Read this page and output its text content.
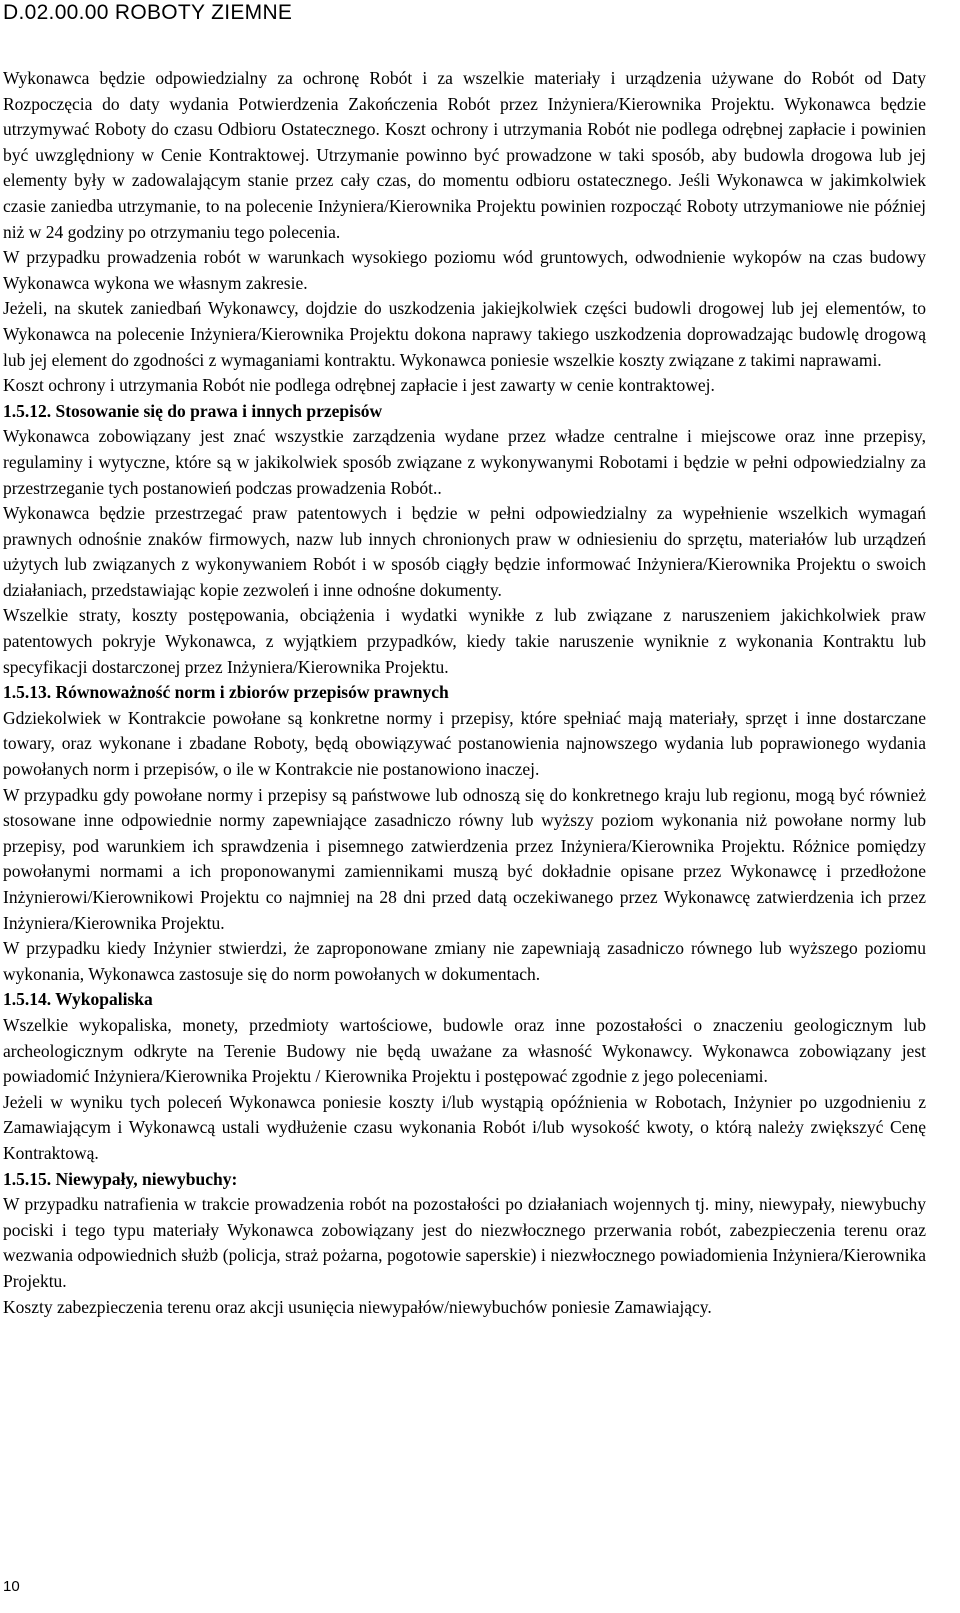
D.02.00.00 ROBOTY ZIEMNE

Wykonawca będzie odpowiedzialny za ochronę Robót i za wszelkie materiały i urządzenia używane do Robót od Daty Rozpoczęcia do daty wydania Potwierdzenia Zakończenia Robót przez Inżyniera/Kierownika Projektu. Wykonawca będzie utrzymywać Roboty do czasu Odbioru Ostatecznego. Koszt ochrony i utrzymania Robót nie podlega odrębnej zapłacie i powinien być uwzględniony w Cenie Kontraktowej. Utrzymanie powinno być prowadzone w taki sposób, aby budowla drogowa lub jej elementy były w zadowalającym stanie przez cały czas, do momentu odbioru ostatecznego. Jeśli Wykonawca w jakimkolwiek czasie zaniedba utrzymanie, to na polecenie Inżyniera/Kierownika Projektu powinien rozpocząć Roboty utrzymaniowe nie później niż w 24 godziny po otrzymaniu tego polecenia.

W przypadku prowadzenia robót w warunkach wysokiego poziomu wód gruntowych, odwodnienie wykopów na czas budowy Wykonawca wykona we własnym zakresie.

Jeżeli, na skutek zaniedbań Wykonawcy, dojdzie do uszkodzenia jakiejkolwiek części budowli drogowej lub jej elementów, to Wykonawca na polecenie Inżyniera/Kierownika Projektu dokona naprawy takiego uszkodzenia doprowadzając budowlę drogową lub jej element do zgodności z wymaganiami kontraktu. Wykonawca poniesie wszelkie koszty związane z takimi naprawami.

Koszt ochrony i utrzymania Robót nie podlega odrębnej zapłacie i jest zawarty w cenie kontraktowej.

1.5.12. Stosowanie się do prawa i innych przepisów

Wykonawca zobowiązany jest znać wszystkie zarządzenia wydane przez władze centralne i miejscowe oraz inne przepisy, regulaminy i wytyczne, które są w jakikolwiek sposób związane z wykonywanymi Robotami i będzie w pełni odpowiedzialny za przestrzeganie tych postanowień podczas prowadzenia Robót..

Wykonawca będzie przestrzegać praw patentowych i będzie w pełni odpowiedzialny za wypełnienie wszelkich wymagań prawnych odnośnie znaków firmowych, nazw lub innych chronionych praw w odniesieniu do sprzętu, materiałów lub urządzeń użytych lub związanych z wykonywaniem Robót i w sposób ciągły będzie informować Inżyniera/Kierownika Projektu o swoich działaniach, przedstawiając kopie zezwoleń i inne odnośne dokumenty.

Wszelkie straty, koszty postępowania, obciążenia i wydatki wynikłe z lub związane z naruszeniem jakichkolwiek praw patentowych pokryje Wykonawca, z wyjątkiem przypadków, kiedy takie naruszenie wyniknie z wykonania Kontraktu lub specyfikacji dostarczonej przez Inżyniera/Kierownika Projektu.

1.5.13. Równoważność norm i zbiorów przepisów prawnych

Gdziekolwiek w Kontrakcie powołane są konkretne normy i przepisy, które spełniać mają materiały, sprzęt i inne dostarczane towary, oraz wykonane i zbadane Roboty, będą obowiązywać postanowienia najnowszego wydania lub poprawionego wydania powołanych norm i przepisów, o ile w Kontrakcie nie postanowiono inaczej.

W przypadku gdy powołane normy i przepisy są państwowe lub odnoszą się do konkretnego kraju lub regionu, mogą być również stosowane inne odpowiednie normy zapewniające zasadniczo równy lub wyższy poziom wykonania niż powołane normy lub przepisy, pod warunkiem ich sprawdzenia i pisemnego zatwierdzenia przez Inżyniera/Kierownika Projektu. Różnice pomiędzy powołanymi normami a ich proponowanymi zamiennikami muszą być dokładnie opisane przez Wykonawcę i przedłożone Inżynierowi/Kierownikowi Projektu co najmniej na 28 dni przed datą oczekiwanego przez Wykonawcę zatwierdzenia ich przez Inżyniera/Kierownika Projektu.

W przypadku kiedy Inżynier stwierdzi, że zaproponowane zmiany nie zapewniają zasadniczo równego lub wyższego poziomu wykonania, Wykonawca zastosuje się do norm powołanych w dokumentach.

1.5.14. Wykopaliska

Wszelkie wykopaliska, monety, przedmioty wartościowe, budowle oraz inne pozostałości o znaczeniu geologicznym lub archeologicznym odkryte na Terenie Budowy nie będą uważane za własność Wykonawcy. Wykonawca zobowiązany jest powiadomić Inżyniera/Kierownika Projektu / Kierownika Projektu i postępować zgodnie z jego poleceniami.

Jeżeli w wyniku tych poleceń Wykonawca poniesie koszty i/lub wystąpią opóźnienia w Robotach, Inżynier po uzgodnieniu z Zamawiającym i Wykonawcą ustali wydłużenie czasu wykonania Robót i/lub wysokość kwoty, o którą należy zwiększyć Cenę Kontraktową.

1.5.15. Niewypały, niewybuchy:

W przypadku natrafienia w trakcie prowadzenia robót na pozostałości po działaniach wojennych tj. miny, niewypały, niewybuchy pociski i tego typu materiały Wykonawca zobowiązany jest do niezwłocznego przerwania robót, zabezpieczenia terenu oraz wezwania odpowiednich służb (policja, straż pożarna, pogotowie saperskie) i niezwłocznego powiadomienia Inżyniera/Kierownika Projektu.

Koszty zabezpieczenia terenu oraz akcji usunięcia niewypałów/niewybuchów poniesie Zamawiający.

10
